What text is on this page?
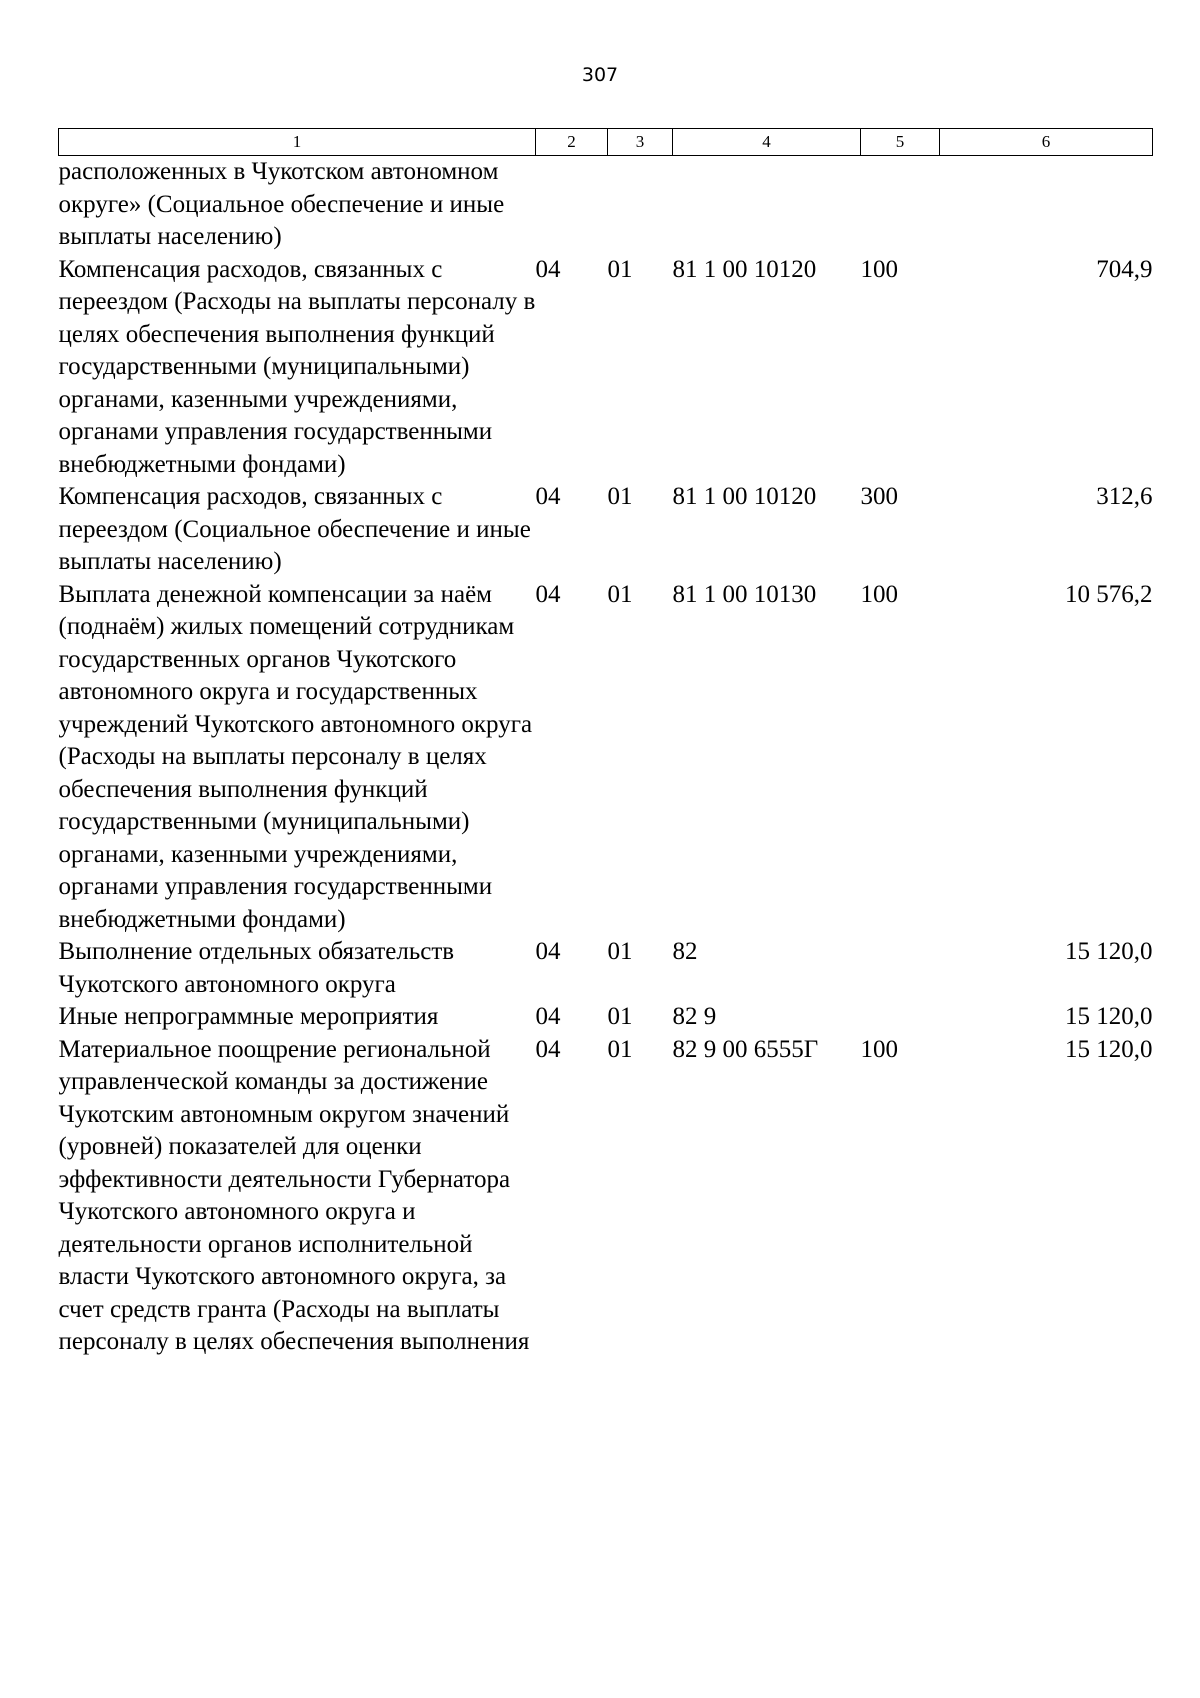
307
1	2	3	4	5	6
расположенных в Чукотском автономном округе» (Социальное обеспечение и иные выплаты населению)					
Компенсация расходов, связанных с переездом (Расходы на выплаты персоналу в целях обеспечения выполнения функций государственными (муниципальными) органами, казенными учреждениями, органами управления государственными внебюджетными фондами)	04	01	81 1 00 10120	100	704,9
Компенсация расходов, связанных с переездом (Социальное обеспечение и иные выплаты населению)	04	01	81 1 00 10120	300	312,6
Выплата денежной компенсации за наём (поднаём) жилых помещений сотрудникам государственных органов Чукотского автономного округа и государственных учреждений Чукотского автономного округа (Расходы на выплаты персоналу в целях обеспечения выполнения функций государственными (муниципальными) органами, казенными учреждениями, органами управления государственными внебюджетными фондами)	04	01	81 1 00 10130	100	10 576,2
Выполнение отдельных обязательств Чукотского автономного округа	04	01	82		15 120,0
Иные непрограммные мероприятия	04	01	82 9		15 120,0
Материальное поощрение региональной управленческой команды за достижение Чукотским автономным округом значений (уровней) показателей для оценки эффективности деятельности Губернатора Чукотского автономного округа и деятельности органов исполнительной власти Чукотского автономного округа, за счет средств гранта (Расходы на выплаты персоналу в целях обеспечения выполнения	04	01	82 9 00 6555Г	100	15 120,0
